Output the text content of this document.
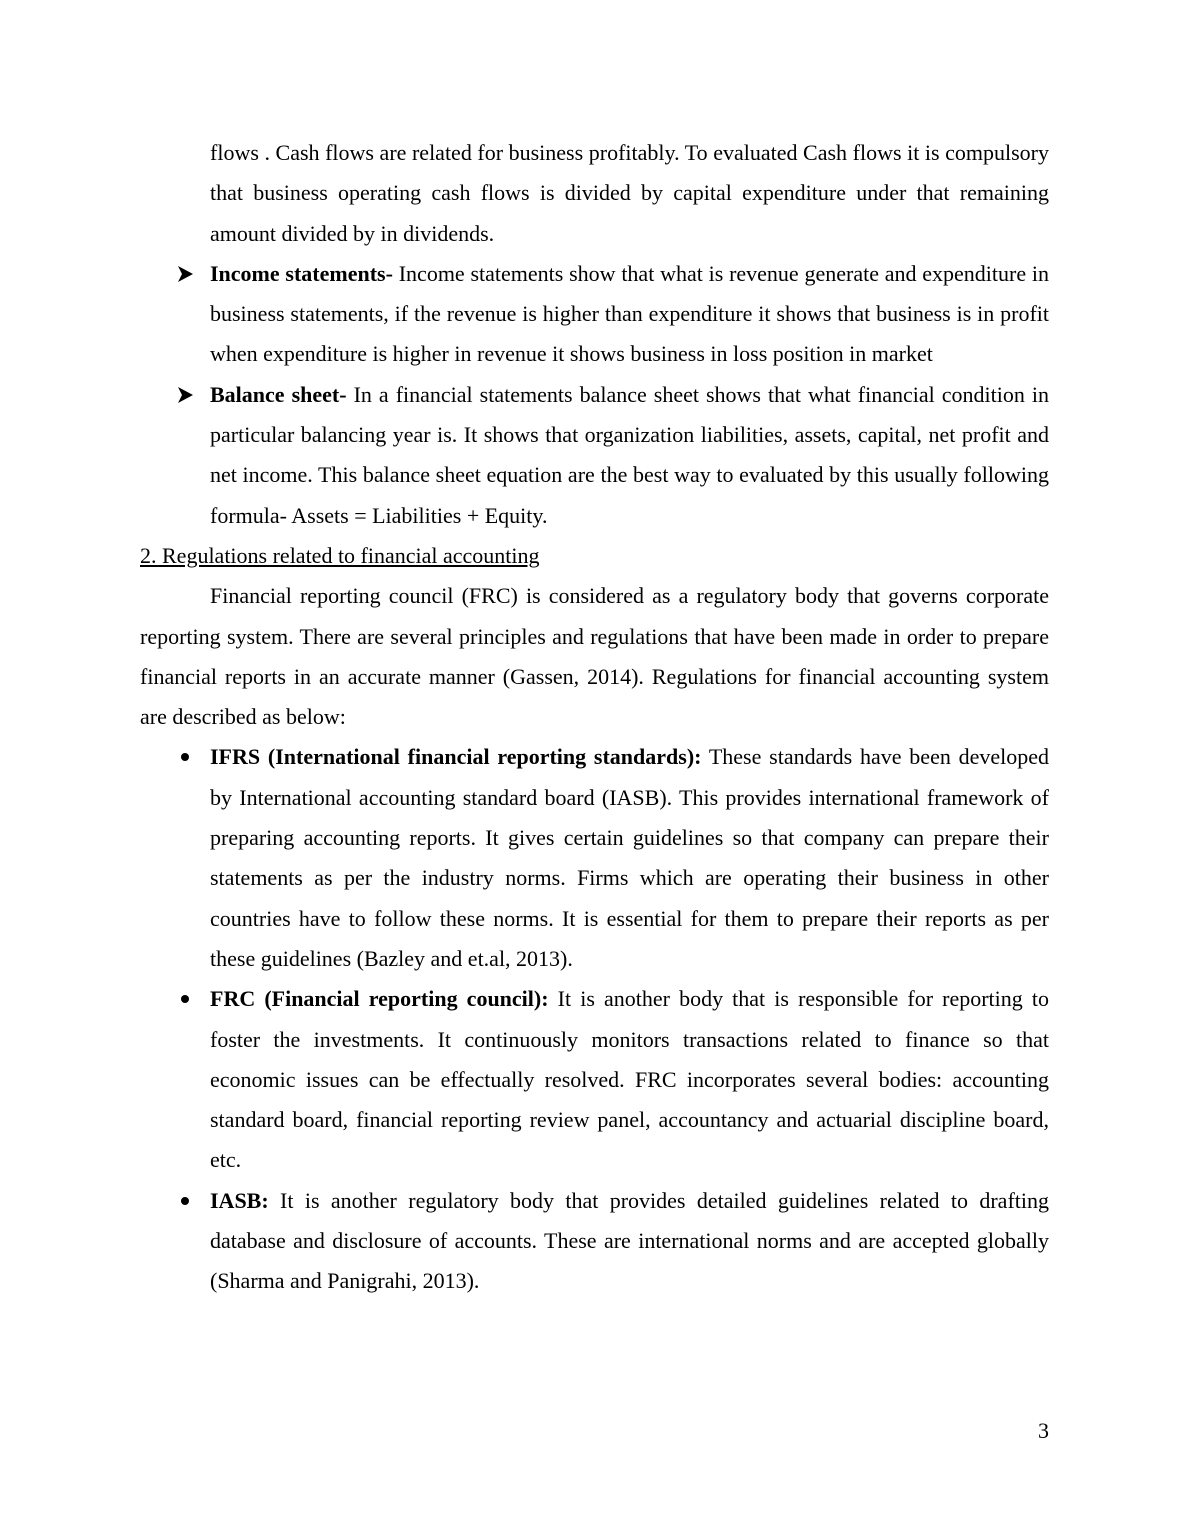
flows . Cash flows are related for business profitably. To evaluated Cash flows it is compulsory that business operating cash flows is divided by capital expenditure under that remaining amount divided by in dividends.

Income statements- Income statements show that what is revenue generate and expenditure in business statements, if the revenue is higher than expenditure it shows that business is in profit when expenditure is higher in revenue it shows business in loss position in market
Balance sheet- In a financial statements balance sheet shows that what financial condition in particular balancing year is. It shows that organization liabilities, assets, capital, net profit and net income. This balance sheet equation are the best way to evaluated by this usually following formula- Assets = Liabilities + Equity.

2. Regulations related to financial accounting

Financial reporting council (FRC) is considered as a regulatory body that governs corporate reporting system. There are several principles and regulations that have been made in order to prepare financial reports in an accurate manner (Gassen, 2014). Regulations for financial accounting system are described as below:

IFRS (International financial reporting standards): These standards have been developed by International accounting standard board (IASB). This provides international framework of preparing accounting reports. It gives certain guidelines so that company can prepare their statements as per the industry norms. Firms which are operating their business in other countries have to follow these norms. It is essential for them to prepare their reports as per these guidelines (Bazley and et.al, 2013).
FRC (Financial reporting council): It is another body that is responsible for reporting to foster the investments. It continuously monitors transactions related to finance so that economic issues can be effectually resolved. FRC incorporates several bodies: accounting standard board, financial reporting review panel, accountancy and actuarial discipline board, etc.
IASB: It is another regulatory body that provides detailed guidelines related to drafting database and disclosure of accounts. These are international norms and are accepted globally (Sharma and Panigrahi, 2013).
3
